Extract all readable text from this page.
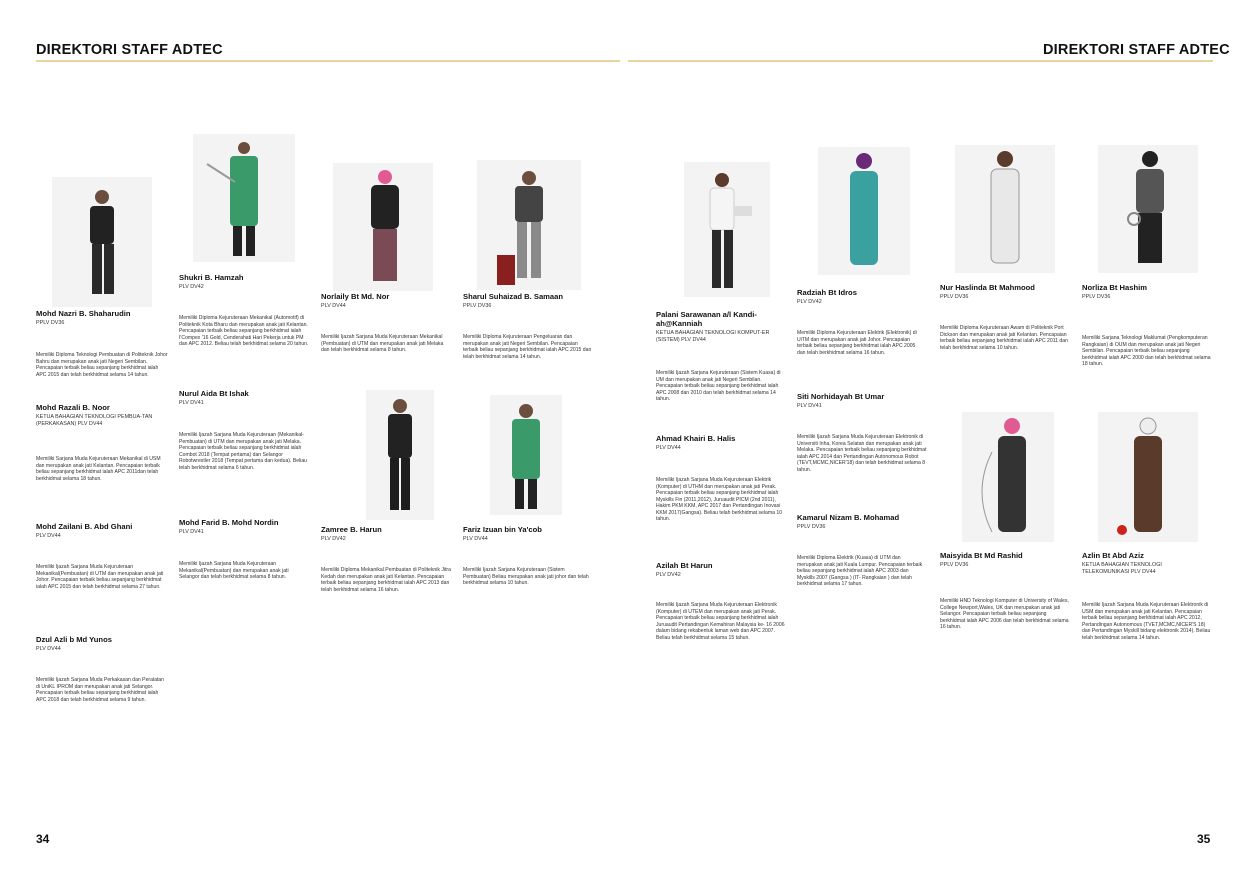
DIREKTORI STAFF ADTEC	DIREKTORI STAFF ADTEC
Mohd Nazri B. Shaharudin
PPLV DV36
Memiliki Diploma Teknologi Pembuatan di Politeknik Johor Bahru dan merupakan anak jati Negeri Sembilan. Pencapaian terbaik beliau sepanjang berkhidmat ialah APC 2015 dan telah berkhidmat selama 14 tahun.
Mohd Razali B. Noor
KETUA BAHAGIAN TEKNOLOGI PEMBUA-TAN (PERKAKASAN) PLV DV44
Memiliki Sarjana Muda Kejuruteraan Mekanikal di USM dan merupakan anak jati Kelantan. Pencapaian terbaik beliau sepanjang berkhidmat ialah APC 2011dan telah berkhidmat selama 18 tahun.
Mohd Zailani B. Abd Ghani
PLV DV44
Memiliki Ijazah Sarjana Muda Kejuruteraan Mekanikal(Pembuatan) di UTM dan merupakan anak jati Johor. Pencapaian terbaik beliau sepanjang berkhidmat ialah APC 2015 dan telah berkhidmat selama 27 tahun.
Dzul Azli b Md Yunos
PLV DV44
Memiliki Ijazah Sarjana Muda Perkakasan dan Peralatan di UniKL IPROM dan merupakan anak jati Selangor. Pencapaian terbaik beliau sepanjang berkhidmat ialah APC 2018 dan telah berkhidmat selama 9 tahun.
Shukri B. Hamzah
PLV DV42
Memiliki Diploma Kejuruteraan Mekanikal (Automotif) di Politeknik Kota Bharu dan merupakan anak jati Kelantan. Pencapaian terbaik beliau sepanjang berkhidmat ialah I'Compex '16 Gold, Cenderahati Hari Pekerja untuk PM dan APC 2012. Beliau telah berkhidmat selama 20 tahun.
Nurul Aida Bt Ishak
PLV DV41
Memiliki Ijazah Sarjana Muda Kejuruteraan (Mekanikal-Pembuatan) di UTM dan merupakan anak jati Melaka. Pencapaian terbaik beliau sepanjang berkhidmat ialah Combot 2018 (Tempat pertama) dan Selangor Robotwrestler 2018 (Tempat pertama dan kedua). Beliau telah berkhidmat selama 6 tahun.
Mohd Farid B. Mohd Nordin
PLV DV41
Memiliki Ijazah Sarjana Muda Kejuruteraan Mekanikal(Pembuatan) dan merupakan anak jati Selangor dan telah berkhidmat selama 8 tahun.
Norlaily Bt Md. Nor
PLV DV44
Memiliki Ijazah Sarjana Muda Kejuruteraan Mekanikal (Pembuatan) di UTM dan merupakan anak jati Melaka dan telah berkhidmat selama 8 tahun.
Zamree B. Harun
PLV DV42
Memiliki Diploma Mekanikal Pembuatan di Politeknik Jitra Kedah dan merupakan anak jati Kelantan. Pencapaian terbaik beliau sepanjang berkhidmat ialah APC 2013 dan telah berkhidmat selama 16 tahun.
Sharul Suhaizad B. Samaan
PPLV DV36
Memiliki Diploma Kejuruteraan Pengeluaran dan merupakan anak jati Negeri Sembilan. Pencapaian terbaik beliau sepanjang berkhidmat ialah APC 2015 dan telah berkhidmat selama 14 tahun.
Fariz Izuan bin Ya'cob
PLV DV44
Memiliki Ijazah Sarjana Kejuruteraan (Sistem Pembuatan) Beliau merupakan anak jati johor dan telah berkhidmat selama 10 tahun.
Palani Sarawanan a/l Kandi-ah@Kanniah
KETUA BAHAGIAN TEKNOLOGI KOMPUT-ER (SISTEM) PLV DV44
Memiliki Ijazah Sarjana Kejuruteraan (Sistem Kuasa) di UM dan merupakan anak jati Negeri Sembilan. Pencapaian terbaik beliau sepanjang berkhidmat ialah APC 2008 dan 2010 dan telah berkhidmat selama 14 tahun.
Ahmad Khairi B. Halis
PLV DV44
Memiliki Ijazah Sarjana Muda Kejuruteraan Elektrik (Komputer) di UTHM dan merupakan anak jati Perak. Pencapaian terbaik beliau sepanjang berkhidmat ialah Myskills Fin (2011,2012), Juruaudit PICM (2nd 2011), Hakim PKM KKM, APC 2017 dan Pertandingan Inovasi KKM 2017(Gangsa). Beliau telah berkhidmat selama 10 tahun.
Azilah Bt Harun
PLV DV42
Memiliki Ijazah Sarjana Muda Kejuruteraan Elektronik (Komputer) di UTEM dan merupakan anak jati Perak. Pencapaian terbaik beliau sepanjang berkhidmat ialah Juruaudit Pertandingan Kemahiran Malaysia ke- 16 2006 dalam bidang rekabentuk laman web dan APC 2007. Beliau telah berkhidmat selama 15 tahun.
Radziah Bt Idros
PLV DV42
Memiliki Diploma Kejuruteraan Elektrik (Elektronik) di UiTM dan merupakan anak jati Johor. Pencapaian terbaik beliau sepanjang berkhidmat ialah APC 2005 dan telah berkhidmat selama 16 tahun.
Siti Norhidayah Bt Umar
PLV DV41
Memiliki Ijazah Sarjana Muda Kejuruteraan Elektronik di Universiti Inha, Korea Selatan dan merupakan anak jati Melaka. Pencapaian terbaik beliau sepanjang berkhidmat ialah APC 2014 dan Pertandingan Autonomous Robot (TEVT,MCMC,NICER'18) dan telah berkhidmat selama 8 tahun.
Kamarul Nizam B. Mohamad
PPLV DV36
Memiliki Diploma Elektrik (Kuasa) di UTM dan merupakan anak jati Kuala Lumpur. Pencapaian terbaik beliau sepanjang berkhidmat ialah APC 2003 dan Myskills 2007 (Gangsa ) (IT- Rangkaian ) dan telah berkhidmat selama 17 tahun.
Nur Haslinda Bt Mahmood
PPLV DV36
Memiliki Diploma Kejuruteraan Awam di Politeknik Port Dickson dan merupakan anak jati Kelantan. Pencapaian terbaik beliau sepanjang berkhidmat ialah APC 2011 dan telah berkhidmat selama 10 tahun.
Maisyida Bt Md Rashid
PPLV DV36
Memiliki HND Teknologi Komputer di University of Wales, College Newport,Wales, UK dan merupakan anak jati Selangor. Pencapaian terbaik beliau sepanjang berkhidmat ialah APC 2006 dan telah berkhidmat selama 16 tahun.
Norliza Bt Hashim
PPLV DV36
Memiliki Sarjana Teknologi Maklumat (Pengkomputeran Rangkaian) di OUM dan merupakan anak jati Negeri Sembilan. Pencapaian terbaik beliau sepanjang berkhidmat ialah APC 2000 dan telah berkhidmat selama 18 tahun.
Azlin Bt Abd Aziz
KETUA BAHAGIAN TEKNOLOGI TELEKOMUNIKASI PLV DV44
Memiliki Ijazah Sarjana Muda Kejuruteraan Elektronik di USM dan merupakan anak jati Kelantan. Pencapaian terbaik beliau sepanjang berkhidmat ialah APC 2012, Pertandingan Autonomous (TVET,MCMC,NICER'S 18) dan Pertandingan Myskill bidang elektronik 2014). Beliau telah berkhidmat selama 14 tahun.
34	35
